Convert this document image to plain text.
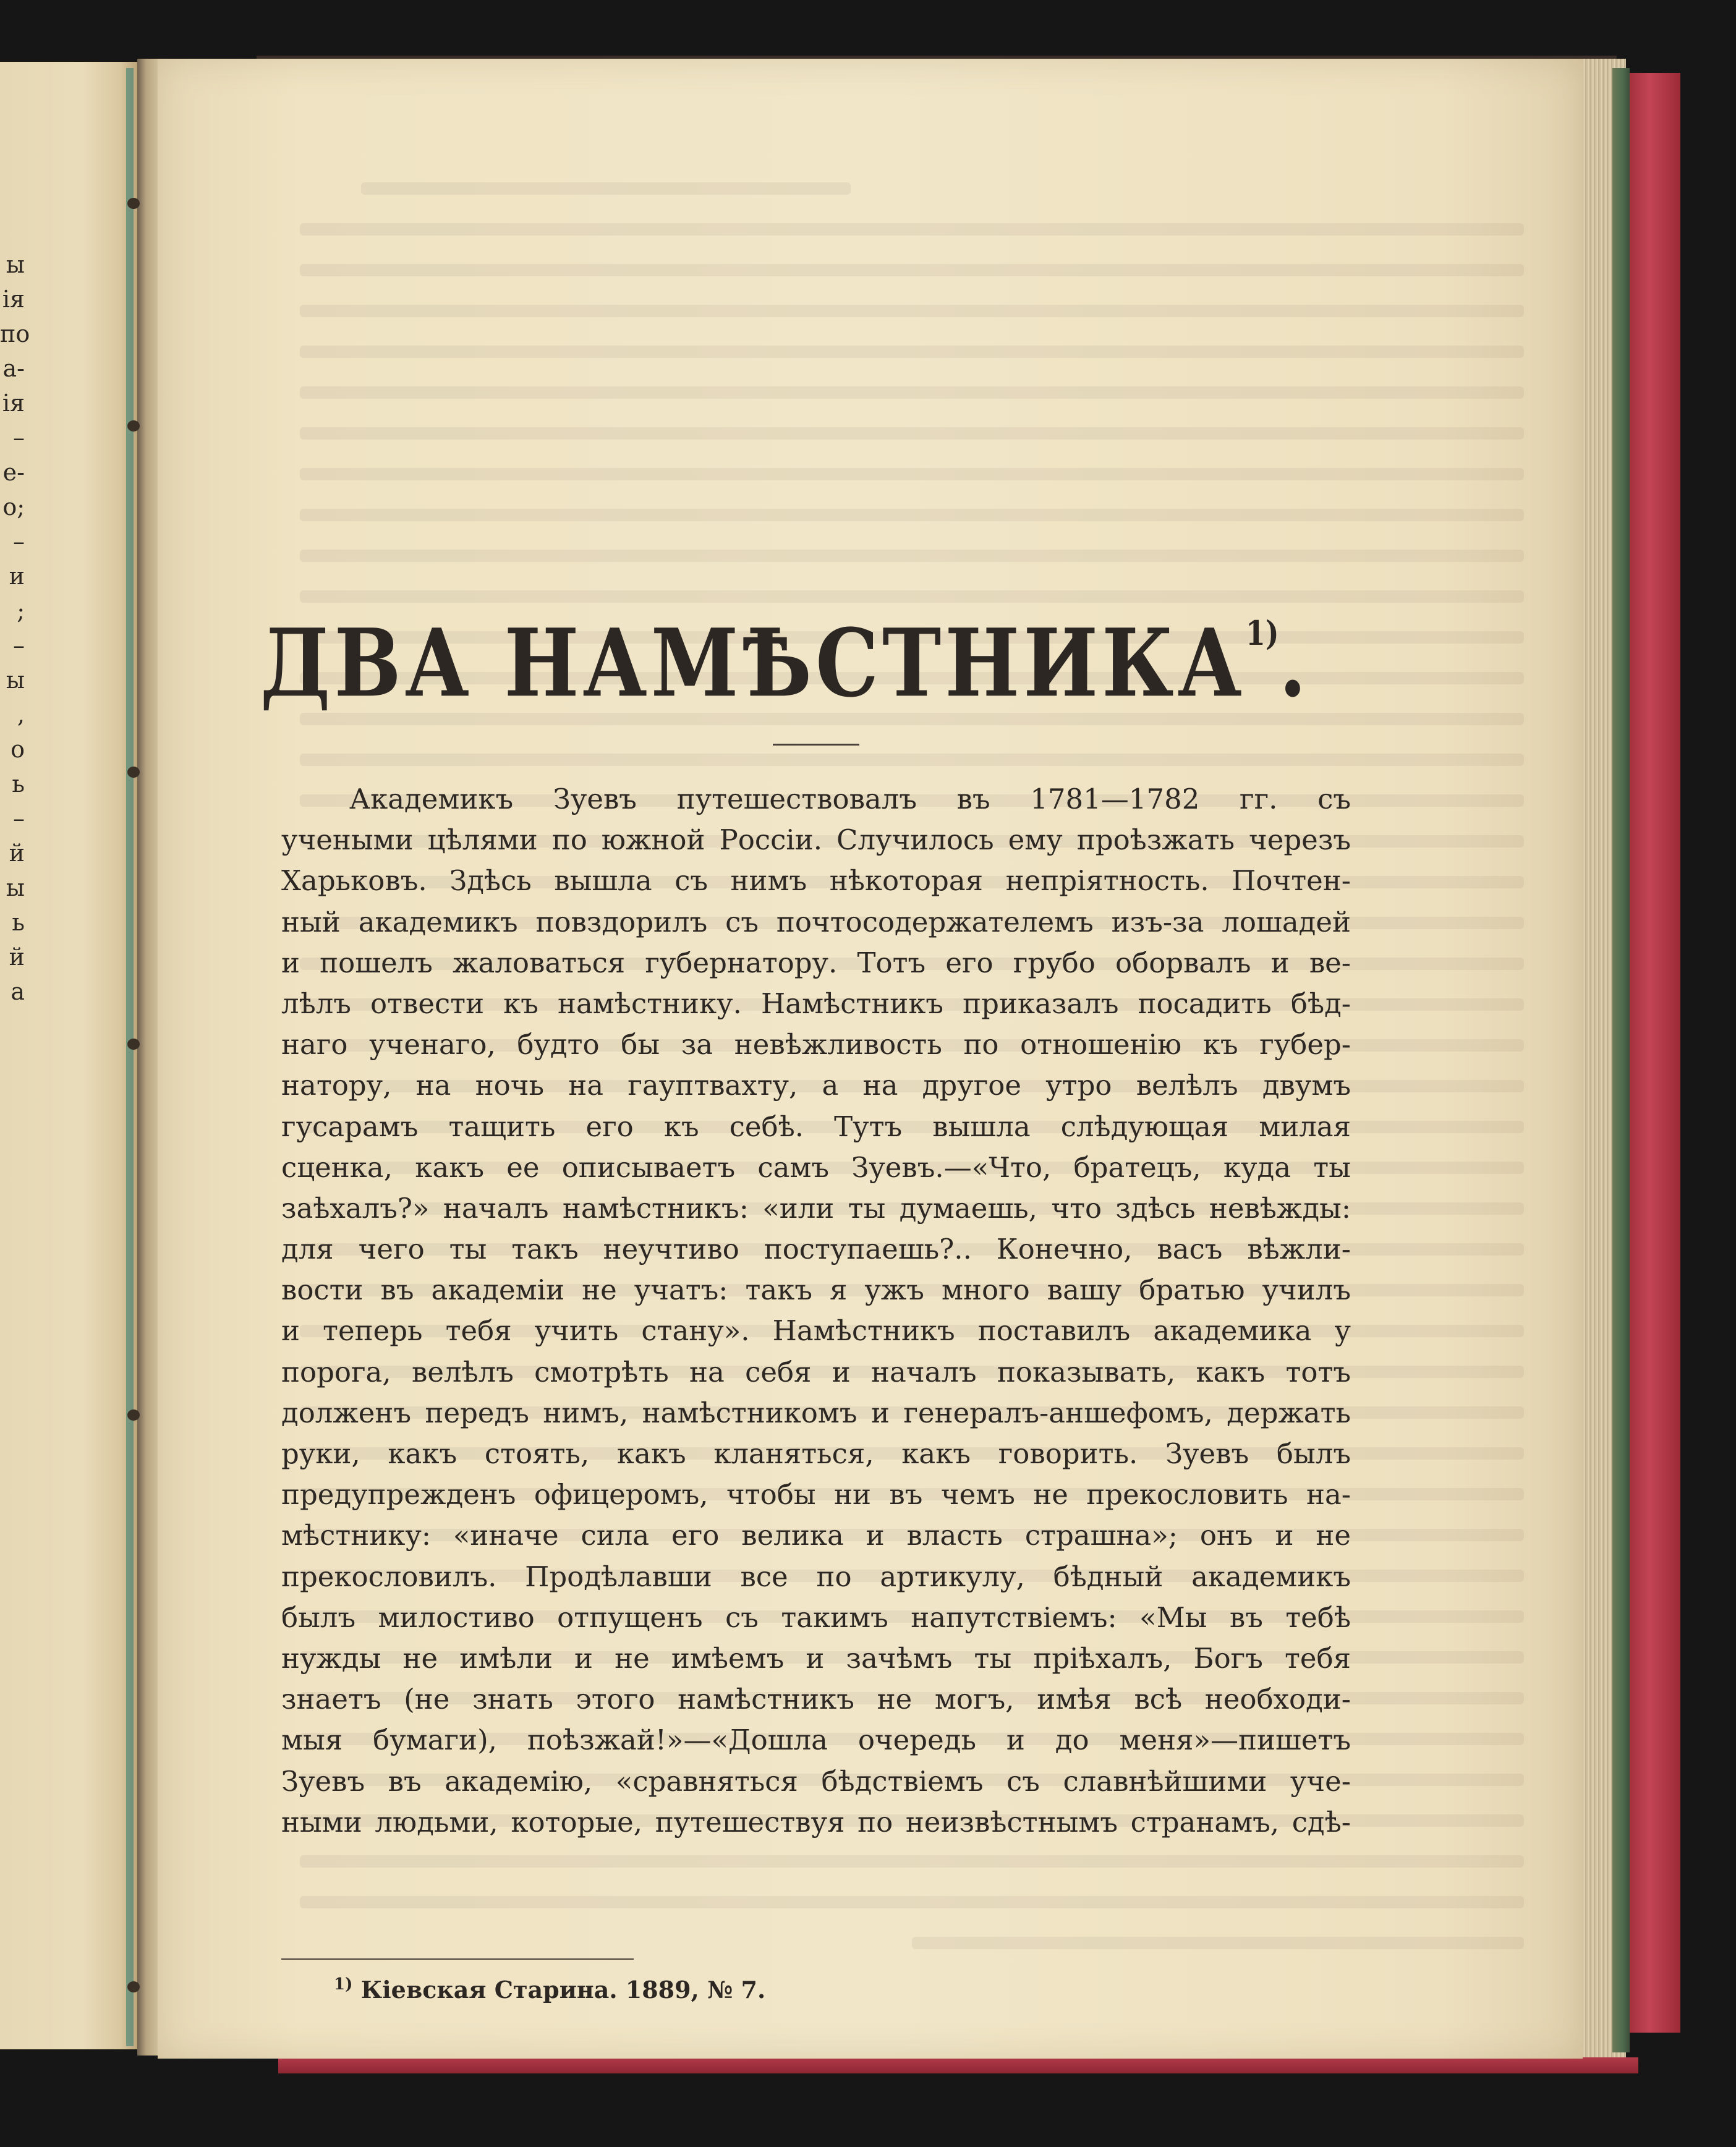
ы
ія
по
а-
ія
–
е-
о;
–
и
;
–
ы
,
о
ь
–
й
ы
ь
й
а
ДВА НАМѢСТНИКА$^{1)}$.
Академикъ Зуевъ путешествовалъ въ 1781—1782 гг. съ
учеными цѣлями по южной Россіи. Случилось ему проѣзжать черезъ
Харьковъ. Здѣсь вышла съ нимъ нѣкоторая непріятность. Почтен-
ный академикъ повздорилъ съ почтосодержателемъ изъ-за лошадей
и пошелъ жаловаться губернатору. Тотъ его грубо оборвалъ и ве-
лѣлъ отвести къ намѣстнику. Намѣстникъ приказалъ посадить бѣд-
наго ученаго, будто бы за невѣжливость по отношенію къ губер-
натору, на ночь на гауптвахту, а на другое утро велѣлъ двумъ
гусарамъ тащить его къ себѣ. Тутъ вышла слѣдующая милая
сценка, какъ ее описываетъ самъ Зуевъ.—«Что, братецъ, куда ты
заѣхалъ?» началъ намѣстникъ: «или ты думаешь, что здѣсь невѣжды:
для чего ты такъ неучтиво поступаешь?.. Конечно, васъ вѣжли-
вости въ академіи не учатъ: такъ я ужъ много вашу братью училъ
и теперь тебя учить стану». Намѣстникъ поставилъ академика у
порога, велѣлъ смотрѣть на себя и началъ показывать, какъ тотъ
долженъ передъ нимъ, намѣстникомъ и генералъ-аншефомъ, держать
руки, какъ стоять, какъ кланяться, какъ говорить. Зуевъ былъ
предупрежденъ офицеромъ, чтобы ни въ чемъ не прекословить на-
мѣстнику: «иначе сила его велика и власть страшна»; онъ и не
прекословилъ. Продѣлавши все по артикулу, бѣдный академикъ
былъ милостиво отпущенъ съ такимъ напутствіемъ: «Мы въ тебѣ
нужды не имѣли и не имѣемъ и зачѣмъ ты пріѣхалъ, Богъ тебя
знаетъ (не знать этого намѣстникъ не могъ, имѣя всѣ необходи-
мыя бумаги), поѣзжай!»—«Дошла очередь и до меня»—пишетъ
Зуевъ въ академію, «сравняться бѣдствіемъ съ славнѣйшими уче-
ными людьми, которые, путешествуя по неизвѣстнымъ странамъ, сдѣ-
$^{1)}$ Кіевская Старина. 1889, № 7.
